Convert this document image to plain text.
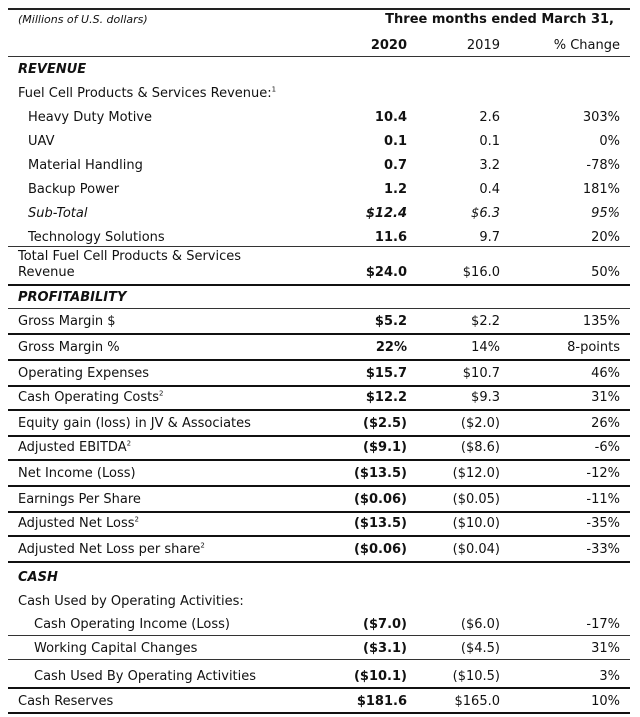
(Millions of U.S. dollars)	Three months ended March 31,
2020	2019	% Change
REVENUE
Fuel Cell Products & Services Revenue:$^1$
Heavy Duty Motive	10.4	2.6	303%
UAV	0.1	0.1	0%
Material Handling	0.7	3.2	-78%
Backup Power	1.2	0.4	181%
Sub-Total	$12.4	$6.3	95%
Technology Solutions	11.6	9.7	20%
Total Fuel Cell Products & Services
Revenue	$24.0	$16.0	50%
PROFITABILITY
Gross Margin $	$5.2	$2.2	135%
Gross Margin %	22%	14%	8-points
Operating Expenses	$15.7	$10.7	46%
Cash Operating Costs$^2$	$12.2	$9.3	31%
Equity gain (loss) in JV & Associates	($2.5)	($2.0)	26%
Adjusted EBITDA$^2$	($9.1)	($8.6)	-6%
Net Income (Loss)	($13.5)	($12.0)	-12%
Earnings Per Share	($0.06)	($0.05)	-11%
Adjusted Net Loss$^2$	($13.5)	($10.0)	-35%
Adjusted Net Loss per share$^2$	($0.06)	($0.04)	-33%
CASH
Cash Used by Operating Activities:
Cash Operating Income (Loss)	($7.0)	($6.0)	-17%
Working Capital Changes	($3.1)	($4.5)	31%
Cash Used By Operating Activities	($10.1)	($10.5)	3%
Cash Reserves	$181.6	$165.0	10%
